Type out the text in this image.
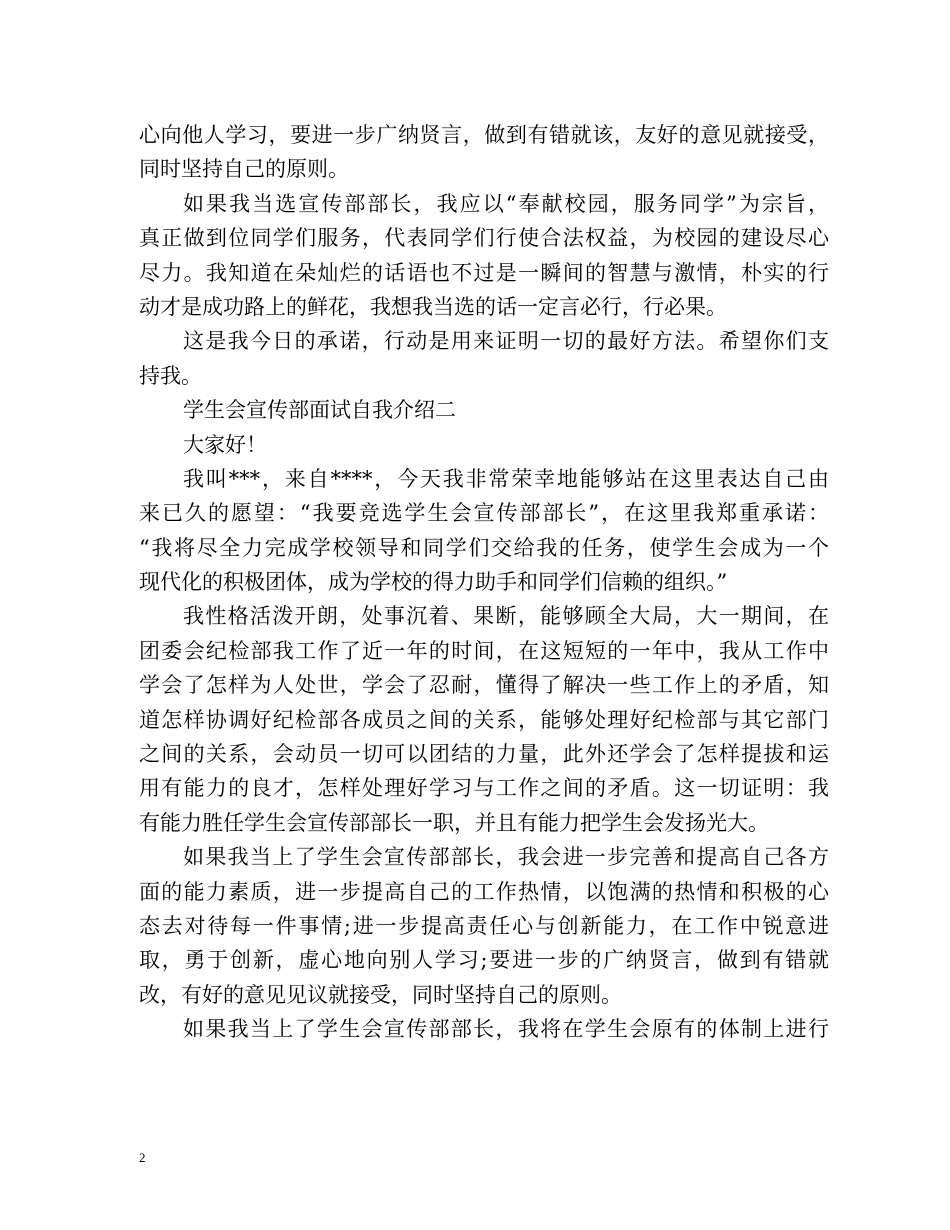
心向他人学习，要进一步广纳贤言，做到有错就该，友好的意见就接受，
同时坚持自己的原则。
如果我当选宣传部部长，我应以“奉献校园，服务同学”为宗旨，
真正做到位同学们服务，代表同学们行使合法权益，为校园的建设尽心
尽力。我知道在朵灿烂的话语也不过是一瞬间的智慧与激情，朴实的行
动才是成功路上的鲜花，我想我当选的话一定言必行，行必果。
这是我今日的承诺，行动是用来证明一切的最好方法。希望你们支
持我。
学生会宣传部面试自我介绍二
大家好！
我叫***，来自****，今天我非常荣幸地能够站在这里表达自己由
来已久的愿望：“我要竞选学生会宣传部部长”，在这里我郑重承诺：
“我将尽全力完成学校领导和同学们交给我的任务，使学生会成为一个
现代化的积极团体，成为学校的得力助手和同学们信赖的组织。”
我性格活泼开朗，处事沉着、果断，能够顾全大局，大一期间，在
团委会纪检部我工作了近一年的时间，在这短短的一年中，我从工作中
学会了怎样为人处世，学会了忍耐，懂得了解决一些工作上的矛盾，知
道怎样协调好纪检部各成员之间的关系，能够处理好纪检部与其它部门
之间的关系，会动员一切可以团结的力量，此外还学会了怎样提拔和运
用有能力的良才，怎样处理好学习与工作之间的矛盾。这一切证明：我
有能力胜任学生会宣传部部长一职，并且有能力把学生会发扬光大。
如果我当上了学生会宣传部部长，我会进一步完善和提高自己各方
面的能力素质，进一步提高自己的工作热情，以饱满的热情和积极的心
态去对待每一件事情;进一步提高责任心与创新能力，在工作中锐意进
取，勇于创新，虚心地向别人学习;要进一步的广纳贤言，做到有错就
改，有好的意见见议就接受，同时坚持自己的原则。
如果我当上了学生会宣传部部长，我将在学生会原有的体制上进行
2
